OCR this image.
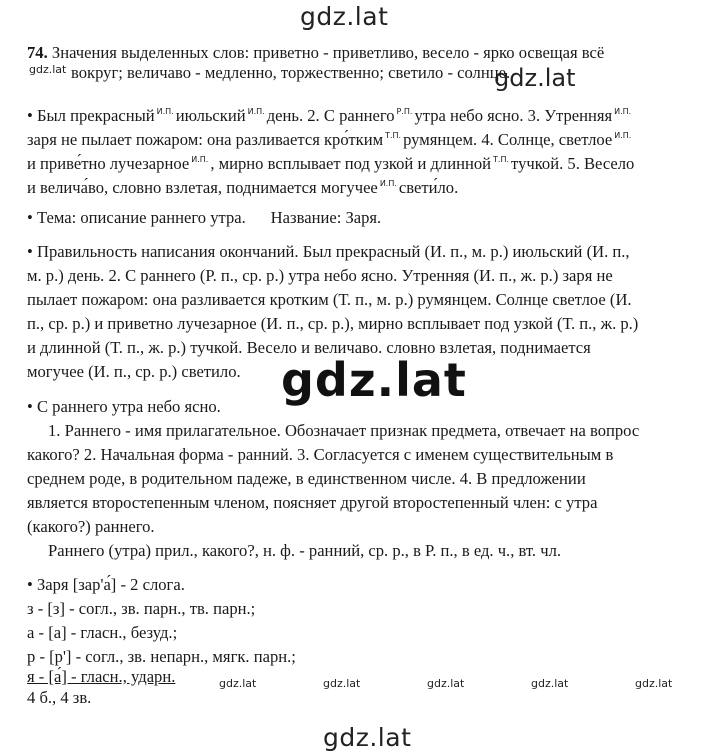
gdz.lat
gdz.lat	gdz.lat
gdz.lat
gdz.lat	gdz.lat	gdz.lat	gdz.lat	gdz.lat
gdz.lat
74. Значения выделенных слов: приветно - приветливо, весело - ярко освещая всё
вокруг; величаво - медленно, торжественно; светило - солнце.
• Был прекрасный $^{И.П.}$ июльский $^{И.П.}$ день. 2. С раннего $^{Р.П.}$ утра небо ясно. 3. Утренняя $^{И.П.}$
заря не пылает пожаром: она разливается кро́тким $^{Т.П.}$ румянцем. 4. Солнце, светлое $^{И.П.}$
и приве́тно лучезарное $^{И.П.}$ , мирно всплывает под узкой и длинной $^{Т.П.}$ тучкой. 5. Весело
и велича́во, словно взлетая, поднимается могучее $^{И.П.}$ свети́ло.
• Тема: описание раннего утра.      Название: Заря.
• Правильность написания окончаний. Был прекрасный (И. п., м. р.) июльский (И. п.,
м. р.) день. 2. С раннего (Р. п., ср. р.) утра небо ясно. Утренняя (И. п., ж. р.) заря не
пылает пожаром: она разливается кротким (Т. п., м. р.) румянцем. Солнце светлое (И.
п., ср. р.) и приветно лучезарное (И. п., ср. р.), мирно всплывает под узкой (Т. п., ж. р.)
и длинной (Т. п., ж. р.) тучкой. Весело и величаво. словно взлетая, поднимается
могучее (И. п., ср. р.) светило.
• С раннего утра небо ясно.
1. Раннего - имя прилагательное. Обозначает признак предмета, отвечает на вопрос
какого? 2. Начальная форма - ранний. 3. Согласуется с именем существительным в
среднем роде, в родительном падеже, в единственном числе. 4. В предложении
является второстепенным членом, поясняет другой второстепенный член: с утра
(какого?) раннего.
Раннего (утра) прил., какого?, н. ф. - ранний, ср. р., в Р. п., в ед. ч., вт. чл.
• Заря [зар'а́] - 2 слога.
з - [з] - согл., зв. парн., тв. парн.;
а - [а] - гласн., безуд.;
р - [р'] - согл., зв. непарн., мягк. парн.;
я - [а́] - гласн., ударн.
4 б., 4 зв.
